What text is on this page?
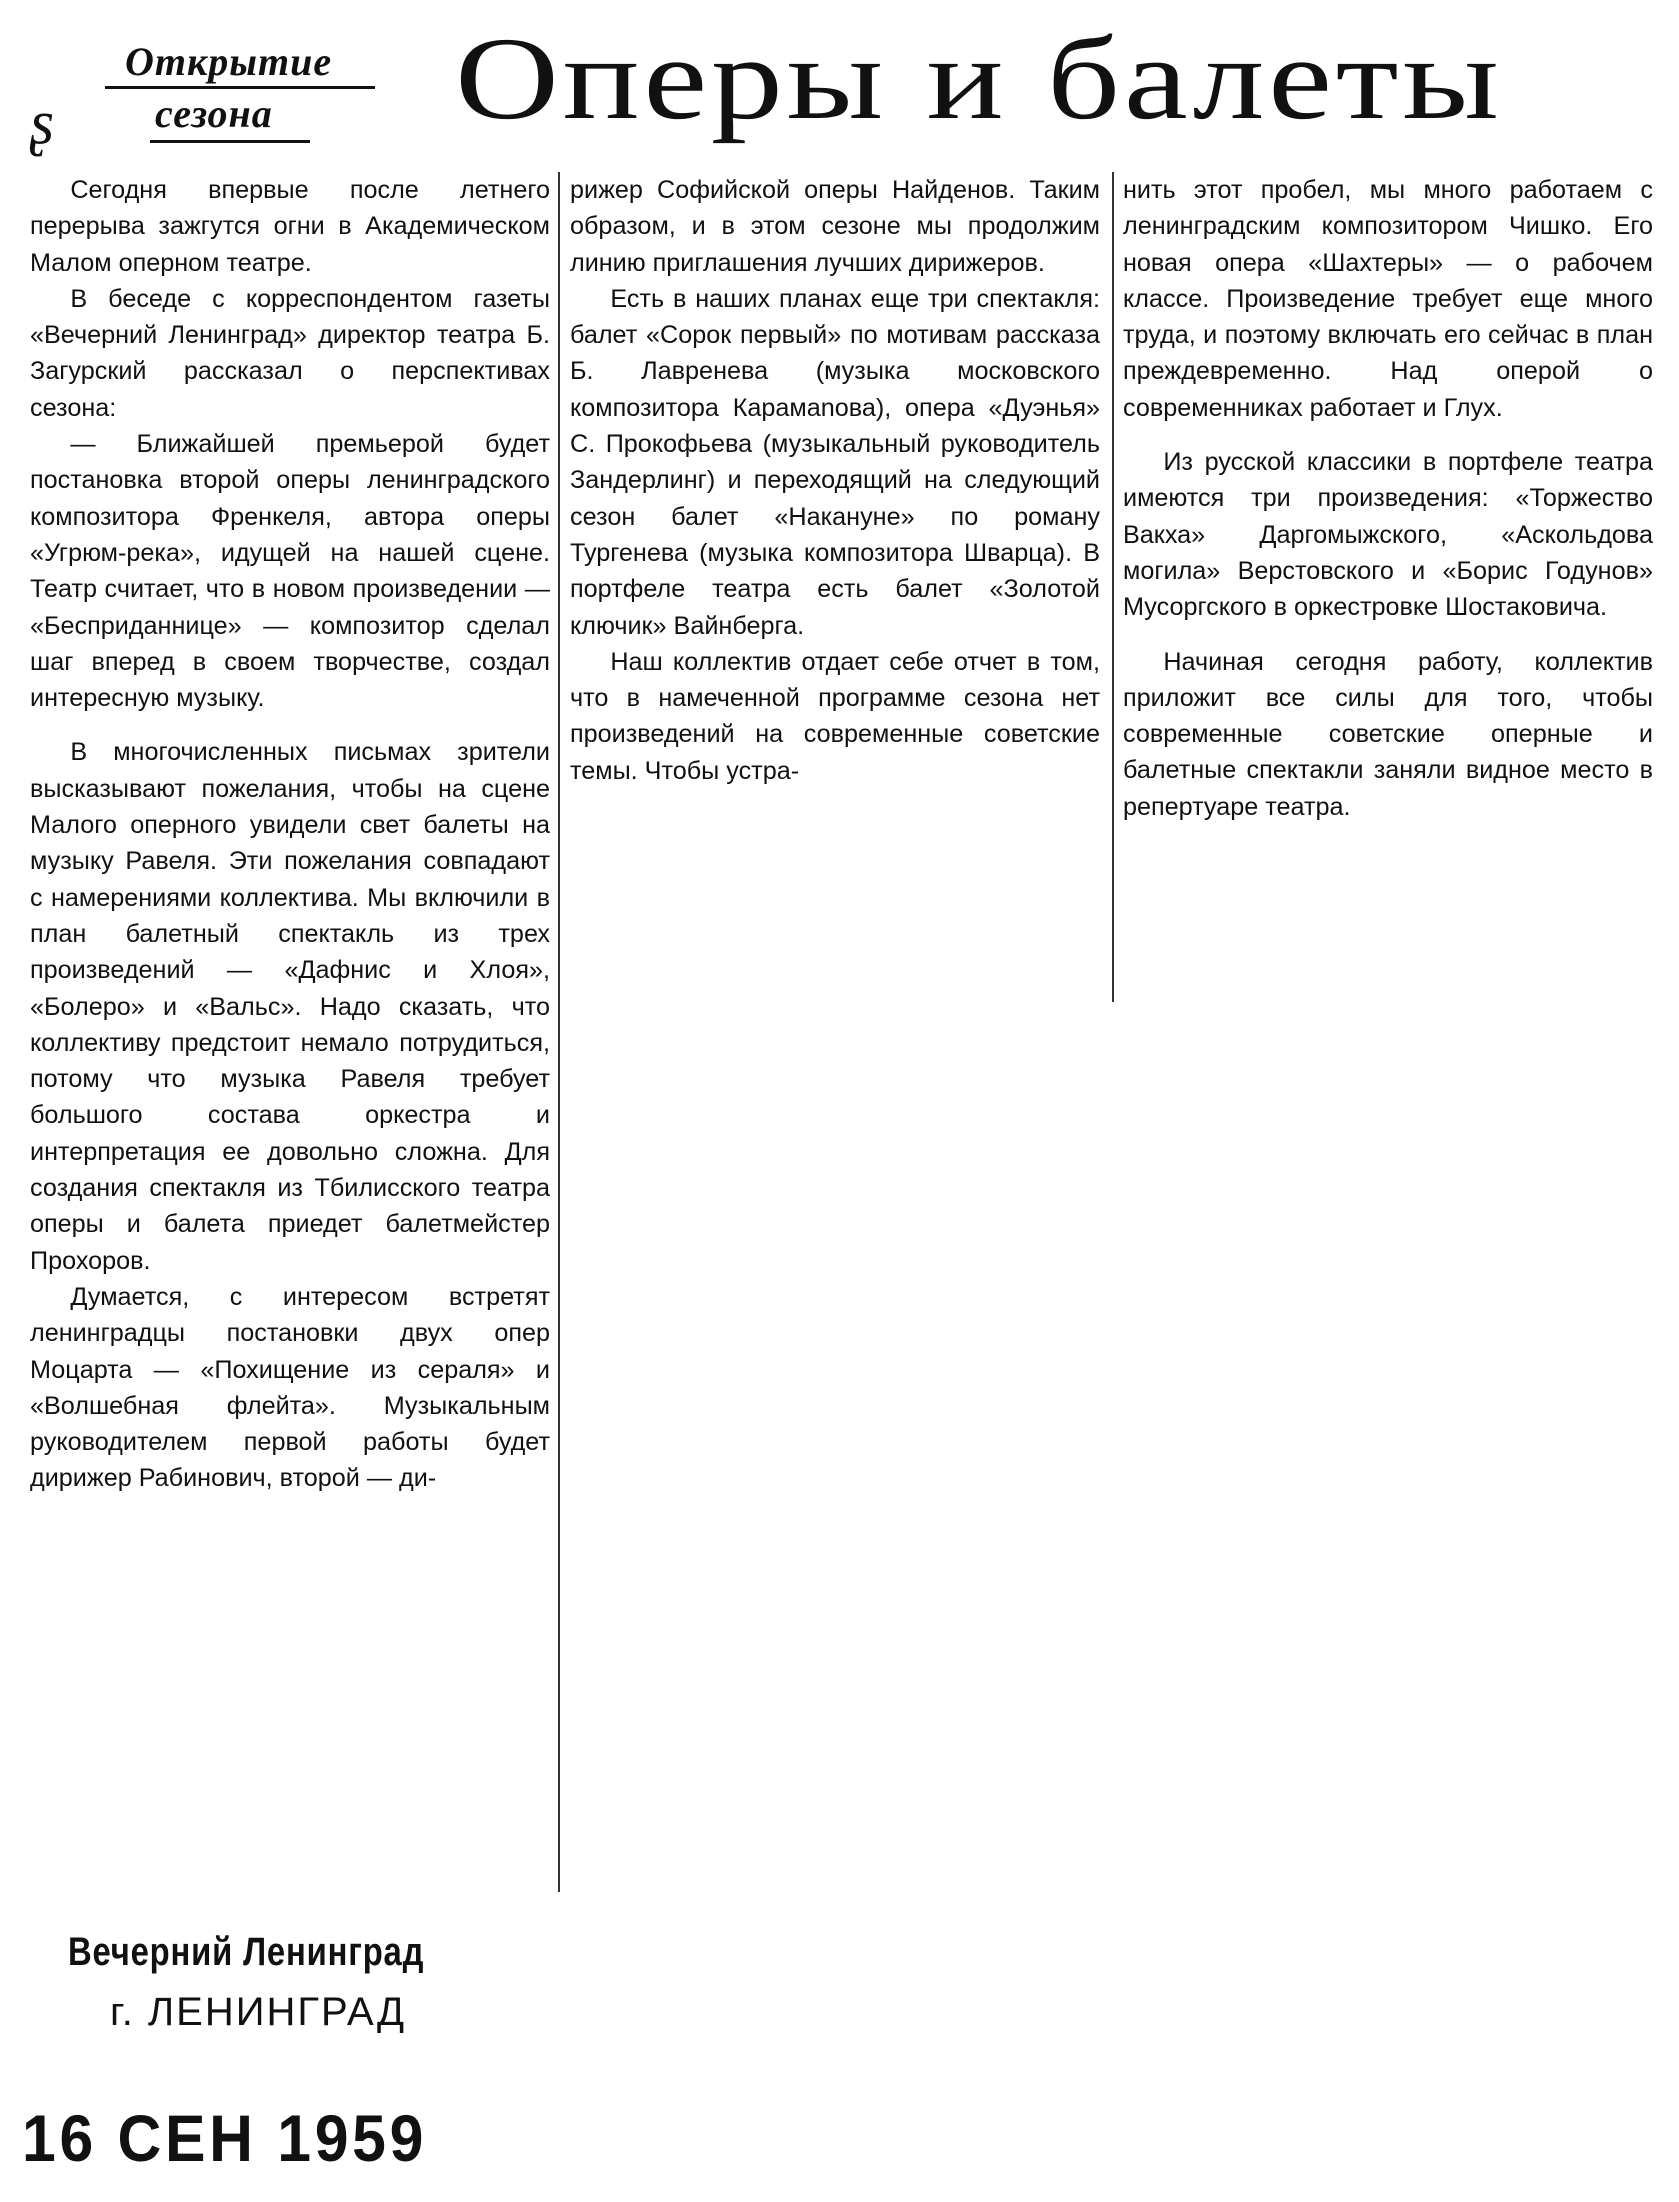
ʂ
Открытие
сезона Оперы и балеты

Сегодня впервые после летнего перерыва зажгутся огни в Академическом Малом оперном театре.

В беседе с корреспондентом газеты «Вечерний Ленинград» директор театра Б. Загурский рассказал о перспективах сезона:

— Ближайшей премьерой будет постановка второй оперы ленинградского композитора Френкеля, автора оперы «Угрюм-река», идущей на нашей сцене. Театр считает, что в новом произведении — «Бесприданнице» — композитор сделал шаг вперед в своем творчестве, создал интересную музыку.

В многочисленных письмах зрители высказывают пожелания, чтобы на сцене Малого оперного увидели свет балеты на музыку Равеля. Эти пожелания совпадают с намерениями коллектива. Мы включили в план балетный спектакль из трех произведений — «Дафнис и Хлоя», «Болеро» и «Вальс». Надо сказать, что коллективу предстоит немало потрудиться, потому что музыка Равеля требует большого состава оркестра и интерпретация ее довольно сложна. Для создания спектакля из Тбилисского театра оперы и балета приедет балетмейстер Прохоров.

Думается, с интересом встретят ленинградцы постановки двух опер Моцарта — «Похищение из сераля» и «Волшебная флейта». Музыкальным руководителем первой работы будет дирижер Рабинович, второй — ди-

рижер Софийской оперы Найденов. Таким образом, и в этом сезоне мы продолжим линию приглашения лучших дирижеров.

Есть в наших планах еще три спектакля: балет «Сорок первый» по мотивам рассказа Б. Лавренева (музыка московского композитора Карамanова), опера «Дуэнья» С. Прокофьева (музыкальный руководитель Зандерлинг) и переходящий на следующий сезон балет «Накануне» по роману Тургенева (музыка композитора Шварца). В портфеле театра есть балет «Золотой ключик» Вайнберга.

Наш коллектив отдает себе отчет в том, что в намеченной программе сезона нет произведений на современные советские темы. Чтобы устра-

нить этот пробел, мы много работаем с ленинградским композитором Чишко. Его новая опера «Шахтеры» — о рабочем классе. Произведение требует еще много труда, и поэтому включать его сейчас в план преждевременно. Над оперой о современниках работает и Глух.

Из русской классики в портфеле театра имеются три произведения: «Торжество Вакха» Даргомыжского, «Аскольдова могила» Верстовского и «Борис Годунов» Мусоргского в оркестровке Шостаковича.

Начиная сегодня работу, коллектив приложит все силы для того, чтобы современные советские оперные и балетные спектакли заняли видное место в репертуаре театра.

Вечерний Ленинград
г. ЛЕНИНГРАД
16 СЕН 1959
